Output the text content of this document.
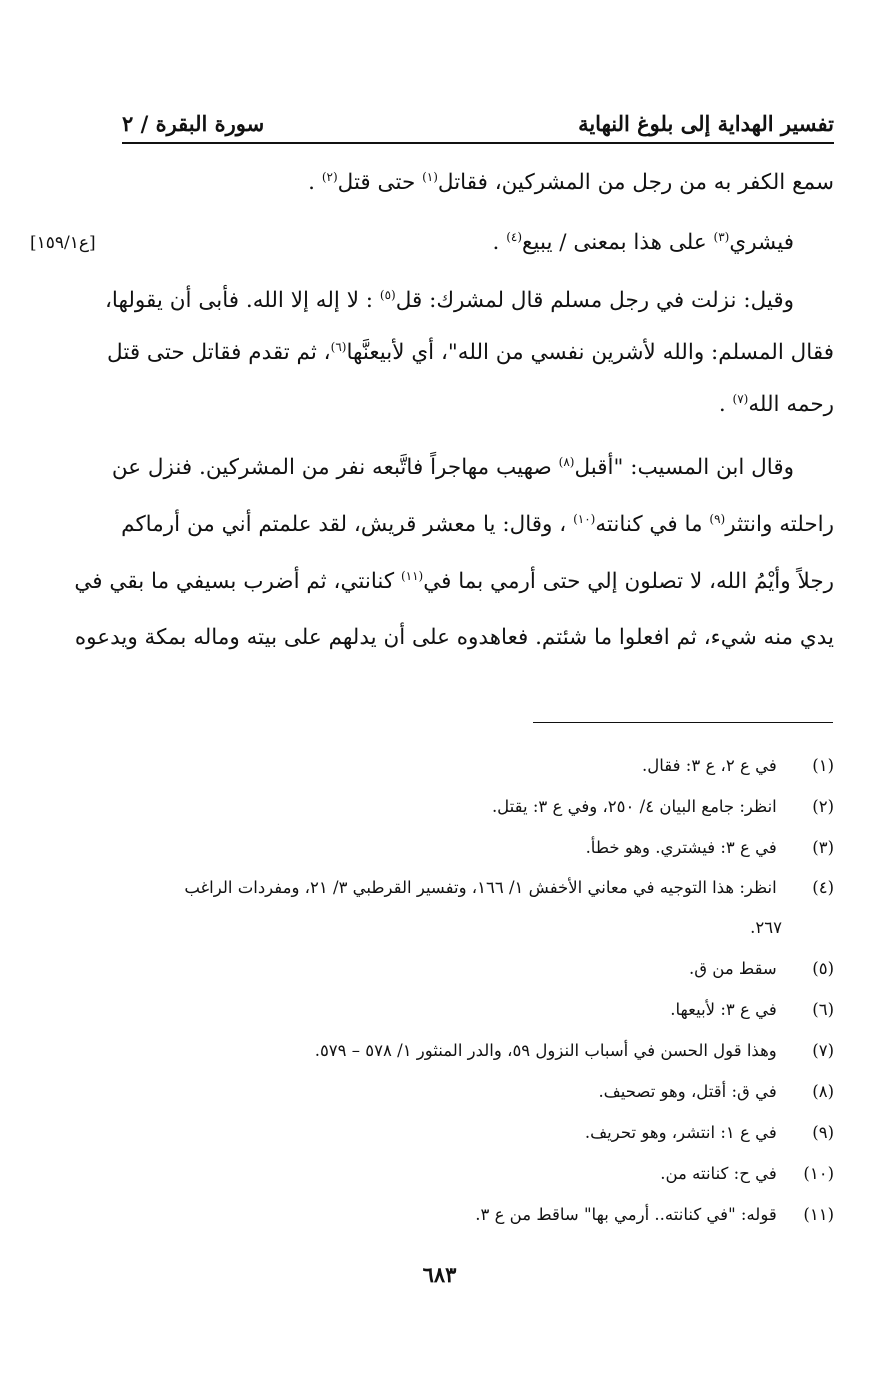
تفسير الهداية إلى بلوغ النهاية
سورة البقرة / ٢
[ع١٥٩/١]
سمع الكفر به من رجل من المشركين، فقاتل$^{(١)}$ حتى قتل$^{(٢)}$ .
فيشري$^{(٣)}$ على هذا بمعنى / يبيع$^{(٤)}$ .
وقيل: نزلت في رجل مسلم قال لمشرك: قل$^{(٥)}$ : لا إله إلا الله. فأبى أن يقولها،
فقال المسلم: والله لأشرين نفسي من الله"، أي لأبيعنَّها$^{(٦)}$، ثم تقدم فقاتل حتى قتل
رحمه الله$^{(٧)}$ .
وقال ابن المسيب: "أقبل$^{(٨)}$ صهيب مهاجراً فاتَّبعه نفر من المشركين. فنزل عن
راحلته وانتثر$^{(٩)}$ ما في كنانته$^{(١٠)}$ ، وقال: يا معشر قريش، لقد علمتم أني من أرماكم
رجلاً وأيْمُ الله، لا تصلون إلي حتى أرمي بما في$^{(١١)}$ كنانتي، ثم أضرب بسيفي ما بقي في
يدي منه شيء، ثم افعلوا ما شئتم. فعاهدوه على أن يدلهم على بيته وماله بمكة ويدعوه
(١) في ع ٢، ع ٣: فقال.
(٢) انظر: جامع البيان ٤/ ٢٥٠، وفي ع ٣: يقتل.
(٣) في ع ٣: فيشتري. وهو خطأ.
(٤) انظر: هذا التوجيه في معاني الأخفش ١/ ١٦٦، وتفسير القرطبي ٣/ ٢١، ومفردات الراغب
٢٦٧.
(٥) سقط من ق.
(٦) في ع ٣: لأبيعها.
(٧) وهذا قول الحسن في أسباب النزول ٥٩، والدر المنثور ١/ ٥٧٨ – ٥٧٩.
(٨) في ق: أقتل، وهو تصحيف.
(٩) في ع ١: انتشر، وهو تحريف.
(١٠) في ح: كنانته من.
(١١) قوله: "في كنانته.. أرمي بها" ساقط من ع ٣.
٦٨٣
